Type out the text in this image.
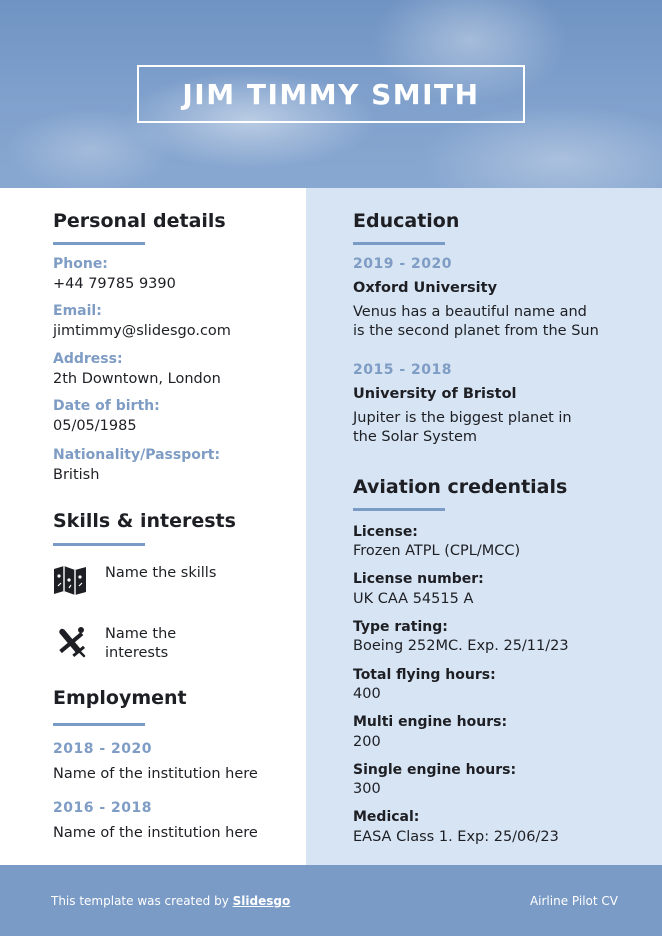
JIM TIMMY SMITH
Personal details
Phone:
+44 79785 9390
Email:
jimtimmy@slidesgo.com
Address:
2th Downtown, London
Date of birth:
05/05/1985
Nationality/Passport:
British
Skills & interests
Name the skills
Name the
interests
Employment
2018 - 2020
Name of the institution here
2016 - 2018
Name of the institution here
Education
2019 - 2020
Oxford University
Venus has a beautiful name and
is the second planet from the Sun
2015 - 2018
University of Bristol
Jupiter is the biggest planet in
the Solar System
Aviation credentials
License:
Frozen ATPL (CPL/MCC)
License number:
UK CAA 54515 A
Type rating:
Boeing 252MC. Exp. 25/11/23
Total flying hours:
400
Multi engine hours:
200
Single engine hours:
300
Medical:
EASA Class 1. Exp: 25/06/23
This template was created by Slidesgo	Airline Pilot CV
